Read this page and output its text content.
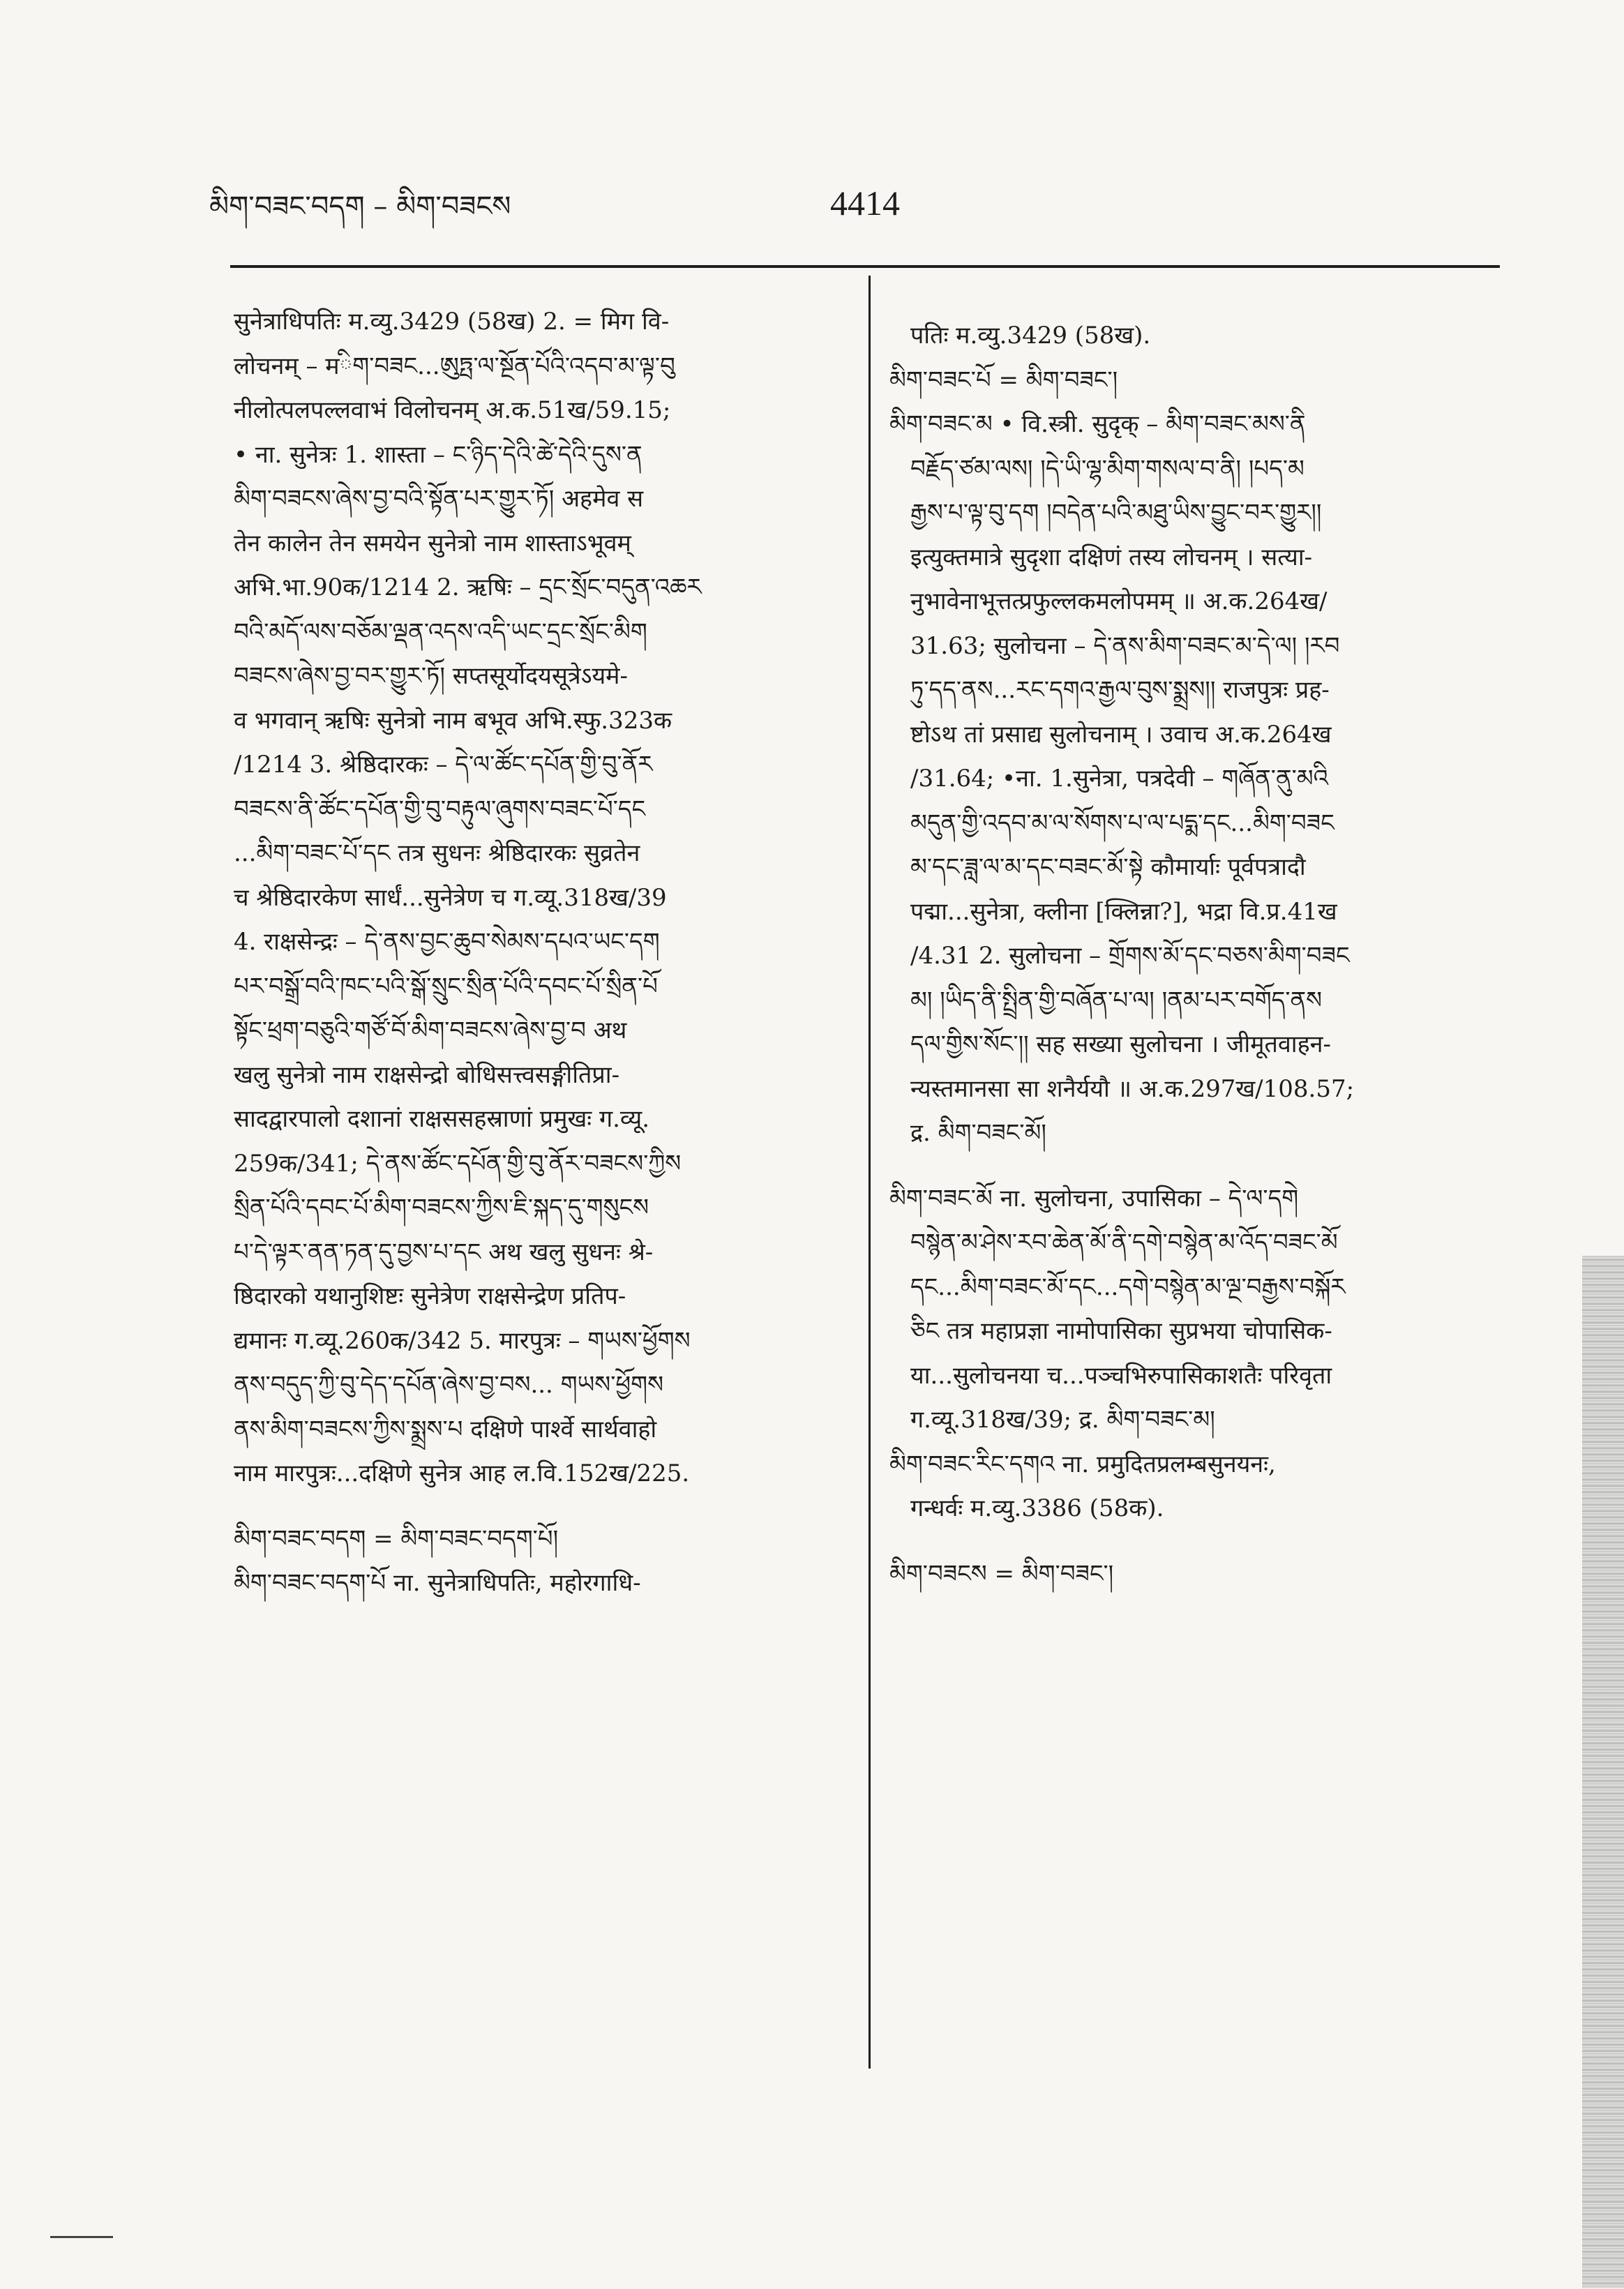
མིག་བཟང་བདག – མིག་བཟངས	4414
सुनेत्राधिपतिः म.व्यु.3429 (58ख) 2. = मिग वि-
लोचनम् – मིག་བཟང...ཨུཏྤ་ལ་སྔོན་པོའི་འདབ་མ་ལྟ་བུ
नीलोत्पलपल्लवाभं विलोचनम् अ.क.51ख/59.15;
• ना. सुनेत्रः 1. शास्ता – ང་ཉིད་དེའི་ཚེ་དེའི་དུས་ན
མིག་བཟངས་ཞེས་བྱ་བའི་སྟོན་པར་གྱུར་ཏོ། अहमेव स
तेन कालेन तेन समयेन सुनेत्रो नाम शास्ताऽभूवम्
अभि.भा.90क/1214 2. ऋषिः – དྲང་སྲོང་བདུན་འཆར
བའི་མདོ་ལས་བཅོམ་ལྡན་འདས་འདི་ཡང་དྲང་སྲོང་མིག
བཟངས་ཞེས་བྱ་བར་གྱུར་ཏོ། सप्तसूर्योदयसूत्रेऽयमे-
व भगवान् ऋषिः सुनेत्रो नाम बभूव अभि.स्फु.323क
/1214 3. श्रेष्ठिदारकः – དེ་ལ་ཚོང་དཔོན་གྱི་བུ་ནོར
བཟངས་ནི་ཚོང་དཔོན་གྱི་བུ་བརྟུལ་ཞུགས་བཟང་པོ་དང
...མིག་བཟང་པོ་དང तत्र सुधनः श्रेष्ठिदारकः सुव्रतेन
च श्रेष्ठिदारकेण सार्धं...सुनेत्रेण च ग.व्यू.318ख/39
4. राक्षसेन्द्रः – དེ་ནས་བྱང་ཆུབ་སེམས་དཔའ་ཡང་དག
པར་བསྒྲོ་བའི་ཁང་པའི་སྒོ་སྲུང་སྲིན་པོའི་དབང་པོ་སྲིན་པོ
སྟོང་ཕྲག་བཅུའི་གཙོ་བོ་མིག་བཟངས་ཞེས་བྱ་བ अथ
खलु सुनेत्रो नाम राक्षसेन्द्रो बोधिसत्त्वसङ्गीतिप्रा-
सादद्वारपालो दशानां राक्षससहस्राणां प्रमुखः ग.व्यू.
259क/341; དེ་ནས་ཚོང་དཔོན་གྱི་བུ་ནོར་བཟངས་ཀྱིས
སྲིན་པོའི་དབང་པོ་མིག་བཟངས་ཀྱིས་ཇི་སྐད་དུ་གསུངས
པ་དེ་ལྟར་ནན་ཏན་དུ་བྱས་པ་དང अथ खलु सुधनः श्रे-
ष्ठिदारको यथानुशिष्टः सुनेत्रेण राक्षसेन्द्रेण प्रतिप-
द्यमानः ग.व्यू.260क/342 5. मारपुत्रः – གཡས་ཕྱོགས
ནས་བདུད་ཀྱི་བུ་དེད་དཔོན་ཞེས་བྱ་བས... གཡས་ཕྱོགས
ནས་མིག་བཟངས་ཀྱིས་སྨྲས་པ दक्षिणे पार्श्वे सार्थवाहो
नाम मारपुत्रः...दक्षिणे सुनेत्र आह ल.वि.152ख/225.
མིག་བཟང་བདག = མིག་བཟང་བདག་པོ།
མིག་བཟང་བདག་པོ ना. सुनेत्राधिपतिः, महोरगाधि-
पतिः म.व्यु.3429 (58ख).
མིག་བཟང་པོ = མིག་བཟང་།
མིག་བཟང་མ • वि.स्त्री. सुदृक् – མིག་བཟང་མས་ནི
བརྗོད་ཙམ་ལས། །དེ་ཡི་ལྷ་མིག་གསལ་བ་ནི། །པད་མ
རྒྱས་པ་ལྟ་བུ་དག །བདེན་པའི་མཐུ་ཡིས་བྱུང་བར་གྱུར།།
इत्युक्तमात्रे सुदृशा दक्षिणं तस्य लोचनम् । सत्या-
नुभावेनाभूत्तत्प्रफुल्लकमलोपमम् ॥ अ.क.264ख/
31.63; सुलोचना – དེ་ནས་མིག་བཟང་མ་དེ་ལ། །རབ
ཏུ་དད་ནས...རང་དགའ་རྒྱལ་བུས་སྨྲས།། राजपुत्रः प्रह-
ष्टोऽथ तां प्रसाद्य सुलोचनाम् । उवाच अ.क.264ख
/31.64; •ना. 1.सुनेत्रा, पत्रदेवी – གཞོན་ནུ་མའི
མདུན་གྱི་འདབ་མ་ལ་སོགས་པ་ལ་པདྨ་དང...མིག་བཟང
མ་དང་ཟླ་ལ་མ་དང་བཟང་མོ་སྟེ कौमार्याः पूर्वपत्रादौ
पद्मा...सुनेत्रा, क्लीना [क्लिन्ना?], भद्रा वि.प्र.41ख
/4.31 2. सुलोचना – གྲོགས་མོ་དང་བཅས་མིག་བཟང
མ། །ཡིད་ནི་སྤྲིན་གྱི་བཞོན་པ་ལ། །ནམ་པར་བགོད་ནས
དལ་གྱིས་སོང་།། सह सख्या सुलोचना । जीमूतवाहन-
न्यस्तमानसा सा शनैर्ययौ ॥ अ.क.297ख/108.57;
द्र. མིག་བཟང་མོ།
མིག་བཟང་མོ ना. सुलोचना, उपासिका – དེ་ལ་དགེ
བསྙེན་མ་ཤེས་རབ་ཆེན་མོ་ནི་དགེ་བསྙེན་མ་འོད་བཟང་མོ
དང...མིག་བཟང་མོ་དང...དགེ་བསྙེན་མ་ལྔ་བརྒྱས་བསྐོར
ཅིང तत्र महाप्रज्ञा नामोपासिका सुप्रभया चोपासिक-
या...सुलोचनया च...पञ्चभिरुपासिकाशतैः परिवृता
ग.व्यू.318ख/39; द्र. མིག་བཟང་མ།
མིག་བཟང་རིང་དགའ ना. प्रमुदितप्रलम्बसुनयनः,
गन्धर्वः म.व्यु.3386 (58क).
མིག་བཟངས = མིག་བཟང་།
